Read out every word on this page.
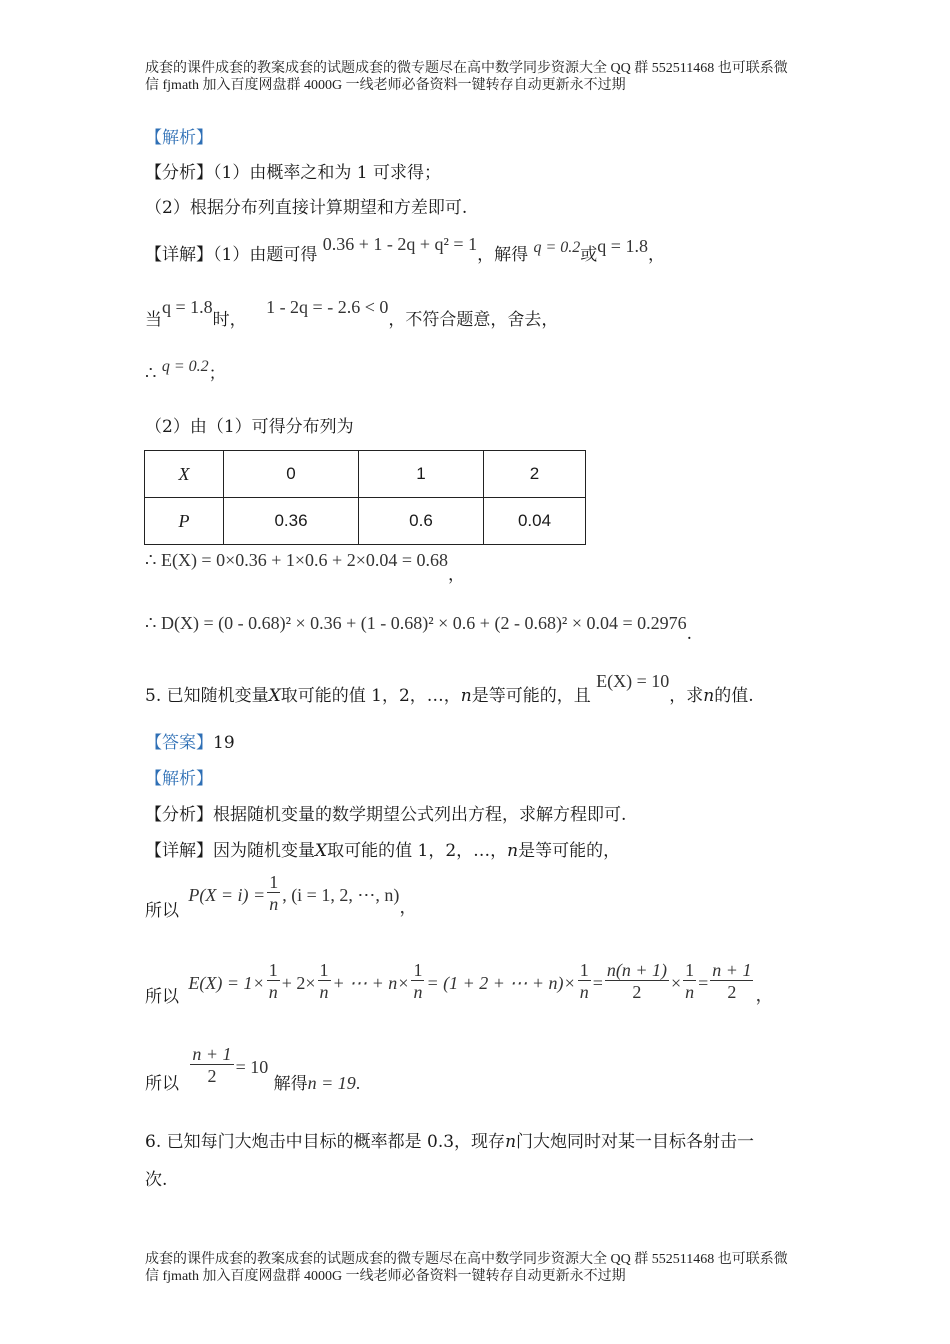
成套的课件成套的教案成套的试题成套的微专题尽在高中数学同步资源大全 QQ 群 552511468 也可联系微
信 fjmath 加入百度网盘群 4000G 一线老师必备资料一键转存自动更新永不过期
【解析】
【分析】（1）由概率之和为 1 可求得；
（2）根据分布列直接计算期望和方差即可.
【详解】（1）由题可得 0.36 + 1 - 2q + q² = 1，解得 q = 0.2或q = 1.8，
当q = 1.8时， 1 - 2q = - 2.6 < 0，不符合题意，舍去，
∴ q = 0.2；
（2）由（1）可得分布列为
X	0	1	2
P	0.36	0.6	0.04
∴ E(X) = 0×0.36 + 1×0.6 + 2×0.04 = 0.68，
∴ D(X) = (0 - 0.68)² × 0.36 + (1 - 0.68)² × 0.6 + (2 - 0.68)² × 0.04 = 0.2976.
5. 已知随机变量X取可能的值 1，2，…，n是等可能的，且 E(X) = 10，求n的值.
【答案】19
【解析】
【分析】根据随机变量的数学期望公式列出方程，求解方程即可.
【详解】因为随机变量X取可能的值 1，2，…，n是等可能的，
所以 $P(X = i) = \frac{1}{n}$ , (i = 1, 2, ⋯, n)，
所以 $E(X) = 1\times \frac{1}{n} + 2\times \frac{1}{n}$ + ⋯ + $n\times \frac{1}{n} = (1 + 2$ + ⋯ + $n)\times \frac{1}{n} = \frac{n(n + 1)}{2} \times \frac{1}{n} = \frac{n + 1}{2}$ ，
所以 $\frac{n + 1}{2} = 10$ 解得n = 19.
6. 已知每门大炮击中目标的概率都是 0.3，现存n门大炮同时对某一目标各射击一
次.
成套的课件成套的教案成套的试题成套的微专题尽在高中数学同步资源大全 QQ 群 552511468 也可联系微
信 fjmath 加入百度网盘群 4000G 一线老师必备资料一键转存自动更新永不过期
